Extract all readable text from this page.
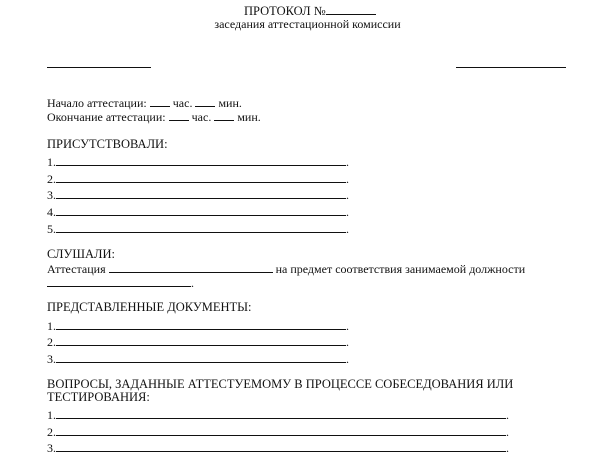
ПРОТОКОЛ №
заседания аттестационной комиссии
Начало аттестации: час. мин.
Окончание аттестации: час. мин.
ПРИСУТСТВОВАЛИ:
1.	.
2.	.
3.	.
4.	.
5.	.
СЛУШАЛИ:
Аттестация	на предмет соответствия занимаемой должности
.
ПРЕДСТАВЛЕННЫЕ ДОКУМЕНТЫ:
1.	.
2.	.
3.	.
ВОПРОСЫ, ЗАДАННЫЕ АТТЕСТУЕМОМУ В ПРОЦЕССЕ СОБЕСЕДОВАНИЯ ИЛИ
ТЕСТИРОВАНИЯ:
1.	.
2.	.
3.	.
